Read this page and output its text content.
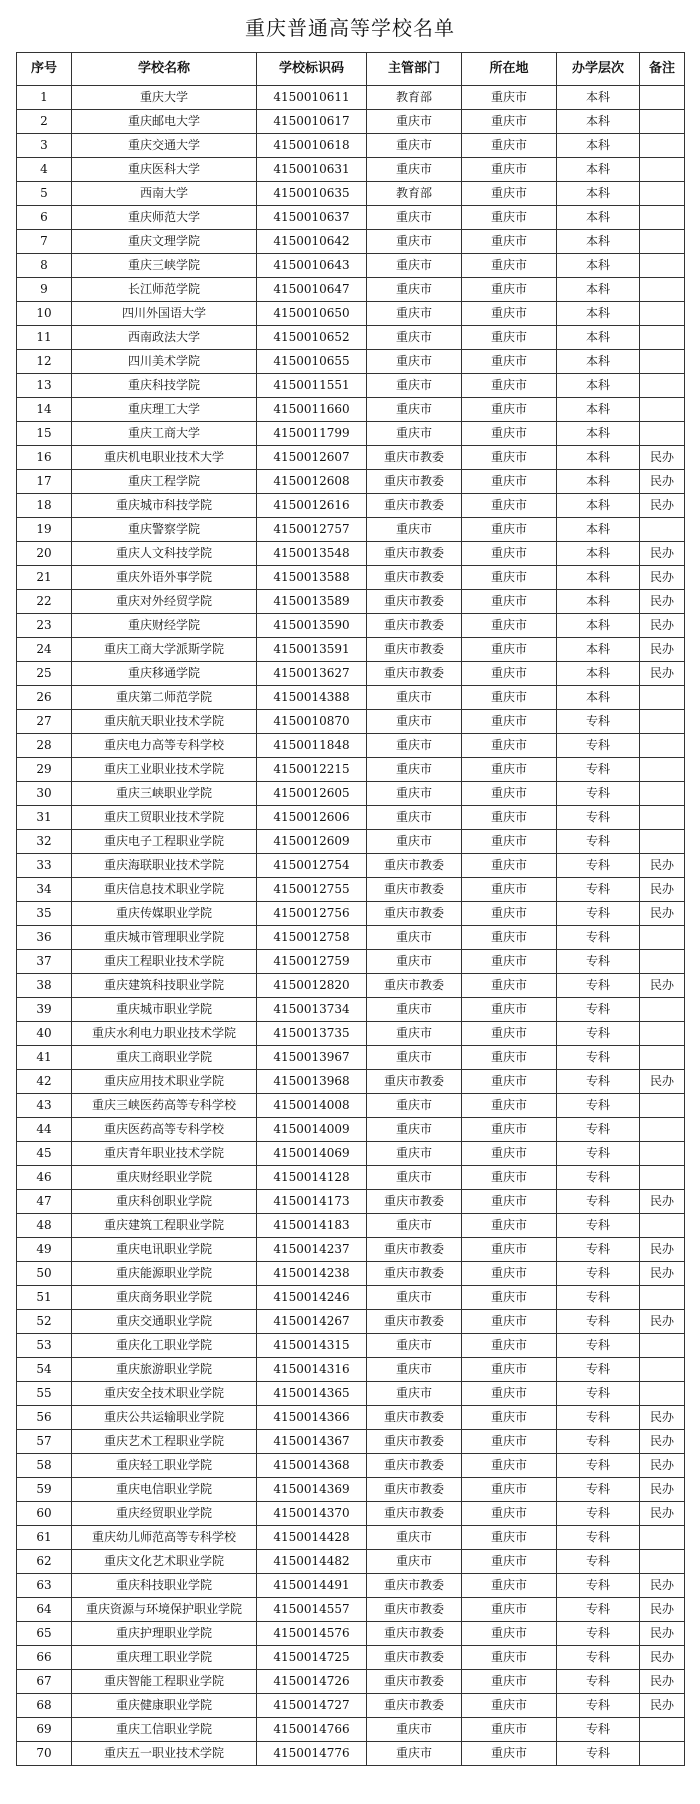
重庆普通高等学校名单
序号	学校名称	学校标识码	主管部门	所在地	办学层次	备注
1	重庆大学	4150010611	教育部	重庆市	本科	
2	重庆邮电大学	4150010617	重庆市	重庆市	本科	
3	重庆交通大学	4150010618	重庆市	重庆市	本科	
4	重庆医科大学	4150010631	重庆市	重庆市	本科	
5	西南大学	4150010635	教育部	重庆市	本科	
6	重庆师范大学	4150010637	重庆市	重庆市	本科	
7	重庆文理学院	4150010642	重庆市	重庆市	本科	
8	重庆三峡学院	4150010643	重庆市	重庆市	本科	
9	长江师范学院	4150010647	重庆市	重庆市	本科	
10	四川外国语大学	4150010650	重庆市	重庆市	本科	
11	西南政法大学	4150010652	重庆市	重庆市	本科	
12	四川美术学院	4150010655	重庆市	重庆市	本科	
13	重庆科技学院	4150011551	重庆市	重庆市	本科	
14	重庆理工大学	4150011660	重庆市	重庆市	本科	
15	重庆工商大学	4150011799	重庆市	重庆市	本科	
16	重庆机电职业技术大学	4150012607	重庆市教委	重庆市	本科	民办
17	重庆工程学院	4150012608	重庆市教委	重庆市	本科	民办
18	重庆城市科技学院	4150012616	重庆市教委	重庆市	本科	民办
19	重庆警察学院	4150012757	重庆市	重庆市	本科	
20	重庆人文科技学院	4150013548	重庆市教委	重庆市	本科	民办
21	重庆外语外事学院	4150013588	重庆市教委	重庆市	本科	民办
22	重庆对外经贸学院	4150013589	重庆市教委	重庆市	本科	民办
23	重庆财经学院	4150013590	重庆市教委	重庆市	本科	民办
24	重庆工商大学派斯学院	4150013591	重庆市教委	重庆市	本科	民办
25	重庆移通学院	4150013627	重庆市教委	重庆市	本科	民办
26	重庆第二师范学院	4150014388	重庆市	重庆市	本科	
27	重庆航天职业技术学院	4150010870	重庆市	重庆市	专科	
28	重庆电力高等专科学校	4150011848	重庆市	重庆市	专科	
29	重庆工业职业技术学院	4150012215	重庆市	重庆市	专科	
30	重庆三峡职业学院	4150012605	重庆市	重庆市	专科	
31	重庆工贸职业技术学院	4150012606	重庆市	重庆市	专科	
32	重庆电子工程职业学院	4150012609	重庆市	重庆市	专科	
33	重庆海联职业技术学院	4150012754	重庆市教委	重庆市	专科	民办
34	重庆信息技术职业学院	4150012755	重庆市教委	重庆市	专科	民办
35	重庆传媒职业学院	4150012756	重庆市教委	重庆市	专科	民办
36	重庆城市管理职业学院	4150012758	重庆市	重庆市	专科	
37	重庆工程职业技术学院	4150012759	重庆市	重庆市	专科	
38	重庆建筑科技职业学院	4150012820	重庆市教委	重庆市	专科	民办
39	重庆城市职业学院	4150013734	重庆市	重庆市	专科	
40	重庆水利电力职业技术学院	4150013735	重庆市	重庆市	专科	
41	重庆工商职业学院	4150013967	重庆市	重庆市	专科	
42	重庆应用技术职业学院	4150013968	重庆市教委	重庆市	专科	民办
43	重庆三峡医药高等专科学校	4150014008	重庆市	重庆市	专科	
44	重庆医药高等专科学校	4150014009	重庆市	重庆市	专科	
45	重庆青年职业技术学院	4150014069	重庆市	重庆市	专科	
46	重庆财经职业学院	4150014128	重庆市	重庆市	专科	
47	重庆科创职业学院	4150014173	重庆市教委	重庆市	专科	民办
48	重庆建筑工程职业学院	4150014183	重庆市	重庆市	专科	
49	重庆电讯职业学院	4150014237	重庆市教委	重庆市	专科	民办
50	重庆能源职业学院	4150014238	重庆市教委	重庆市	专科	民办
51	重庆商务职业学院	4150014246	重庆市	重庆市	专科	
52	重庆交通职业学院	4150014267	重庆市教委	重庆市	专科	民办
53	重庆化工职业学院	4150014315	重庆市	重庆市	专科	
54	重庆旅游职业学院	4150014316	重庆市	重庆市	专科	
55	重庆安全技术职业学院	4150014365	重庆市	重庆市	专科	
56	重庆公共运输职业学院	4150014366	重庆市教委	重庆市	专科	民办
57	重庆艺术工程职业学院	4150014367	重庆市教委	重庆市	专科	民办
58	重庆轻工职业学院	4150014368	重庆市教委	重庆市	专科	民办
59	重庆电信职业学院	4150014369	重庆市教委	重庆市	专科	民办
60	重庆经贸职业学院	4150014370	重庆市教委	重庆市	专科	民办
61	重庆幼儿师范高等专科学校	4150014428	重庆市	重庆市	专科	
62	重庆文化艺术职业学院	4150014482	重庆市	重庆市	专科	
63	重庆科技职业学院	4150014491	重庆市教委	重庆市	专科	民办
64	重庆资源与环境保护职业学院	4150014557	重庆市教委	重庆市	专科	民办
65	重庆护理职业学院	4150014576	重庆市教委	重庆市	专科	民办
66	重庆理工职业学院	4150014725	重庆市教委	重庆市	专科	民办
67	重庆智能工程职业学院	4150014726	重庆市教委	重庆市	专科	民办
68	重庆健康职业学院	4150014727	重庆市教委	重庆市	专科	民办
69	重庆工信职业学院	4150014766	重庆市	重庆市	专科	
70	重庆五一职业技术学院	4150014776	重庆市	重庆市	专科	
